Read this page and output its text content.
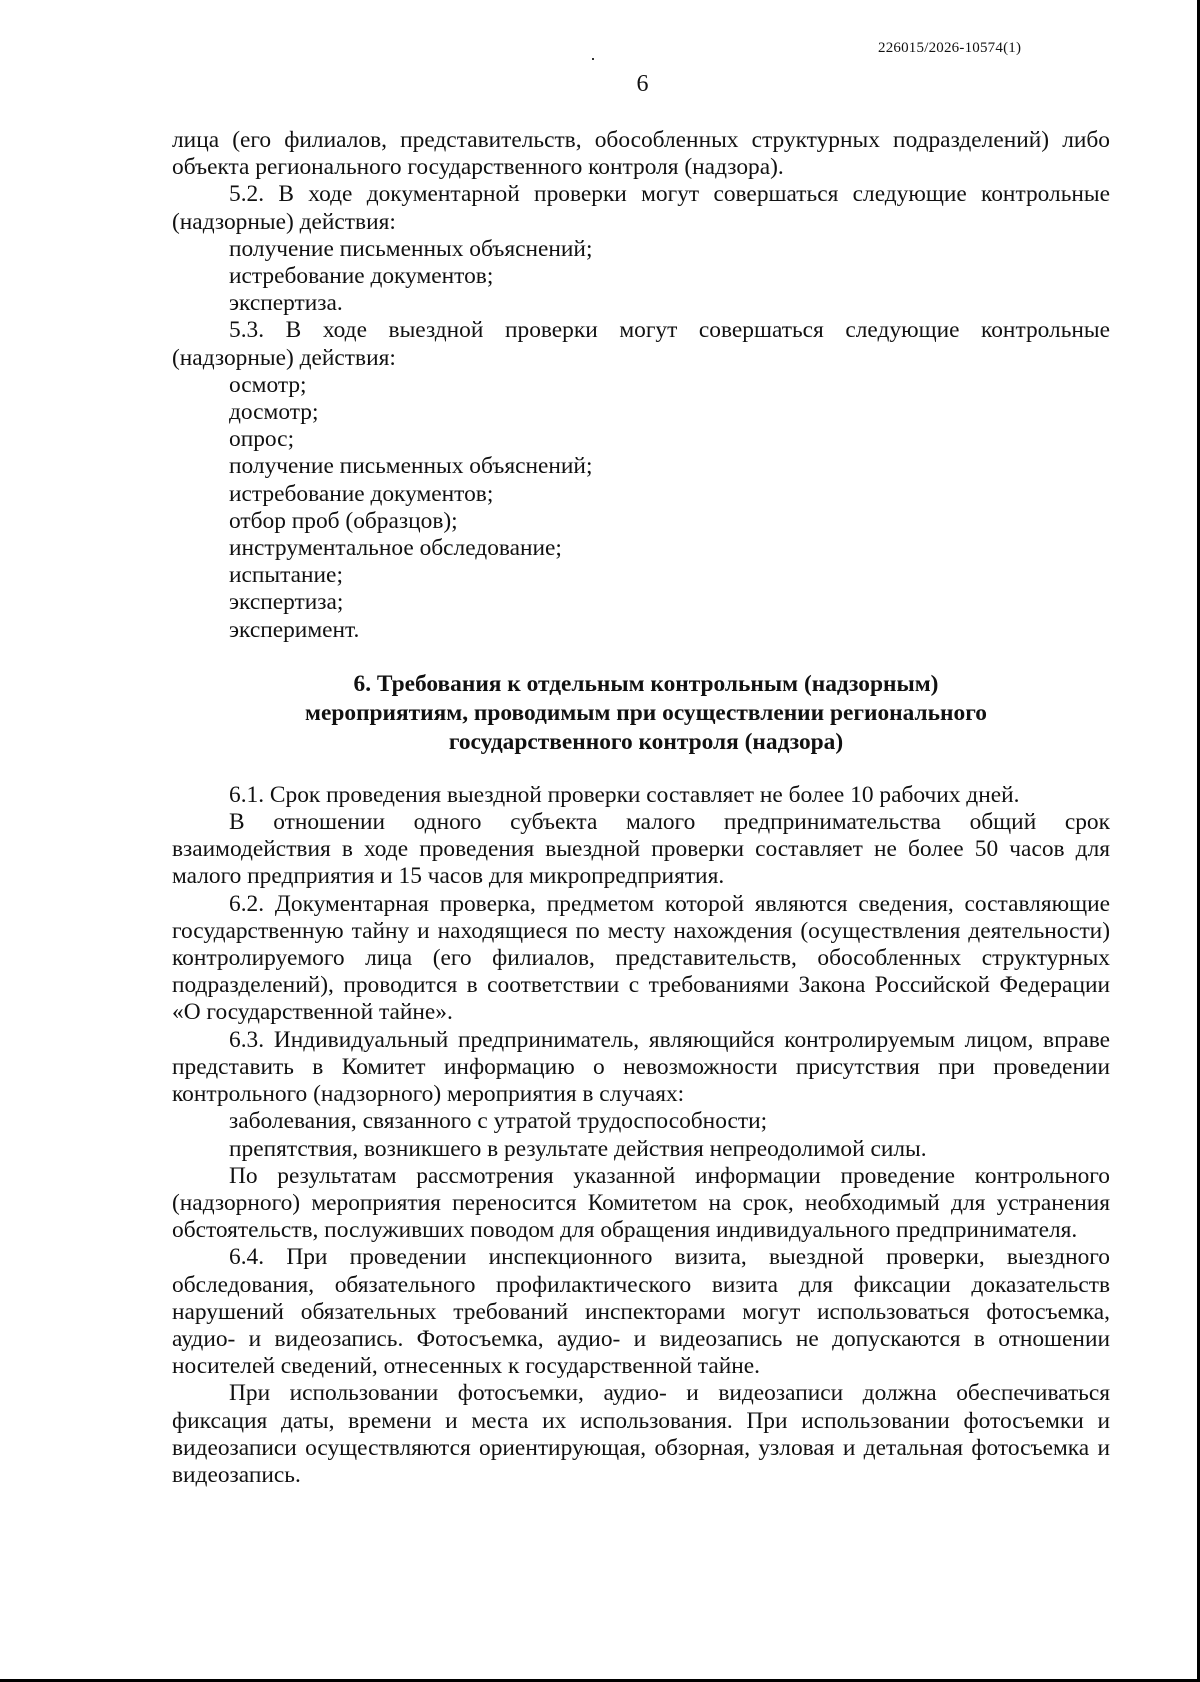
226015/2026-10574(1)
6

лица (его филиалов, представительств, обособленных структурных подразделений) либо объекта регионального государственного контроля (надзора).

5.2. В ходе документарной проверки могут совершаться следующие контрольные (надзорные) действия:

получение письменных объяснений;

истребование документов;

экспертиза.

5.3. В ходе выездной проверки могут совершаться следующие контрольные (надзорные) действия:

осмотр;

досмотр;

опрос;

получение письменных объяснений;

истребование документов;

отбор проб (образцов);

инструментальное обследование;

испытание;

экспертиза;

эксперимент.

6. Требования к отдельным контрольным (надзорным)
мероприятиям, проводимым при осуществлении регионального
государственного контроля (надзора)

6.1. Срок проведения выездной проверки составляет не более 10 рабочих дней.

В отношении одного субъекта малого предпринимательства общий срок взаимодействия в ходе проведения выездной проверки составляет не более 50 часов для малого предприятия и 15 часов для микропредприятия.

6.2. Документарная проверка, предметом которой являются сведения, составляющие государственную тайну и находящиеся по месту нахождения (осуществления деятельности) контролируемого лица (его филиалов, представительств, обособленных структурных подразделений), проводится в соответствии с требованиями Закона Российской Федерации «О государственной тайне».

6.3. Индивидуальный предприниматель, являющийся контролируемым лицом, вправе представить в Комитет информацию о невозможности присутствия при проведении контрольного (надзорного) мероприятия в случаях:

заболевания, связанного с утратой трудоспособности;

препятствия, возникшего в результате действия непреодолимой силы.

По результатам рассмотрения указанной информации проведение контрольного (надзорного) мероприятия переносится Комитетом на срок, необходимый для устранения обстоятельств, послуживших поводом для обращения индивидуального предпринимателя.

6.4. При проведении инспекционного визита, выездной проверки, выездного обследования, обязательного профилактического визита для фиксации доказательств нарушений обязательных требований инспекторами могут использоваться фотосъемка, аудио- и видеозапись. Фотосъемка, аудио- и видеозапись не допускаются в отношении носителей сведений, отнесенных к государственной тайне.

При использовании фотосъемки, аудио- и видеозаписи должна обеспечиваться фиксация даты, времени и места их использования. При использовании фотосъемки и видеозаписи осуществляются ориентирующая, обзорная, узловая и детальная фотосъемка и видеозапись.
